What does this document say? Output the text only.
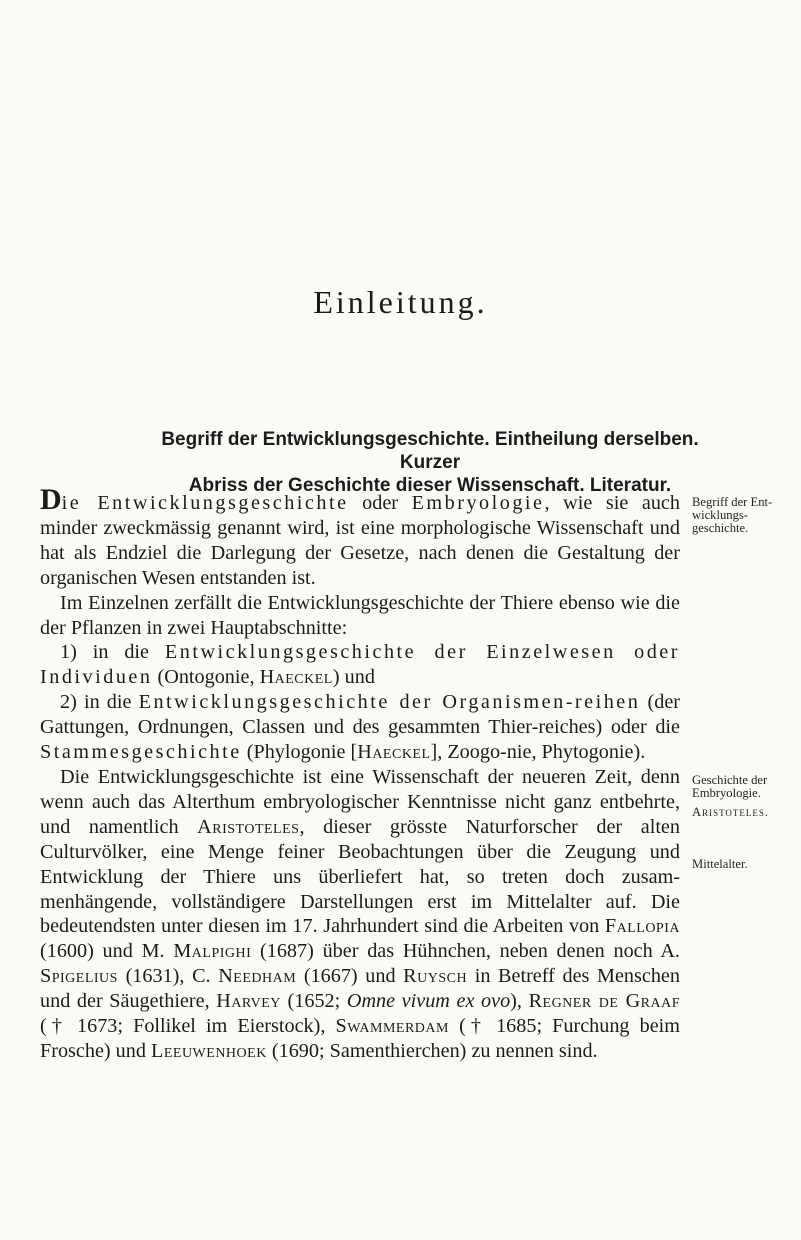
Einleitung.
Begriff der Entwicklungsgeschichte. Eintheilung derselben. Kurzer
Abriss der Geschichte dieser Wissenschaft. Literatur.

Die Entwicklungsgeschichte oder Embryologie, wie sie auch minder zweckmässig genannt wird, ist eine morphologische Wissenschaft und hat als Endziel die Darlegung der Gesetze, nach denen die Gestaltung der organischen Wesen entstanden ist.

Im Einzelnen zerfällt die Entwicklungsgeschichte der Thiere ebenso wie die der Pflanzen in zwei Hauptabschnitte:

1) in die Entwicklungsgeschichte der Einzelwesen oder Individuen (Ontogonie, Haeckel) und

2) in die Entwicklungsgeschichte der Organismen-reihen (der Gattungen, Ordnungen, Classen und des gesammten Thier-reiches) oder die Stammesgeschichte (Phylogonie [Haeckel], Zoogo-nie, Phytogonie).

Die Entwicklungsgeschichte ist eine Wissenschaft der neueren Zeit, denn wenn auch das Alterthum embryologischer Kenntnisse nicht ganz entbehrte, und namentlich Aristoteles, dieser grösste Naturforscher der alten Culturvölker, eine Menge feiner Beobachtungen über die Zeugung und Entwicklung der Thiere uns überliefert hat, so treten doch zusam-menhängende, vollständigere Darstellungen erst im Mittelalter auf. Die bedeutendsten unter diesen im 17. Jahrhundert sind die Arbeiten von Fallopia (1600) und M. Malpighi (1687) über das Hühnchen, neben denen noch A. Spigelius (1631), C. Needham (1667) und Ruysch in Betreff des Menschen und der Säugethiere, Harvey (1652; Omne vivum ex ovo), Regner de Graaf († 1673; Follikel im Eierstock), Swammerdam († 1685; Furchung beim Frosche) und Leeuwenhoek (1690; Samenthierchen) zu nennen sind.

Begriff der Ent-wicklungs-geschichte.
Geschichte der Embryologie.
Aristoteles.
Mittelalter.
